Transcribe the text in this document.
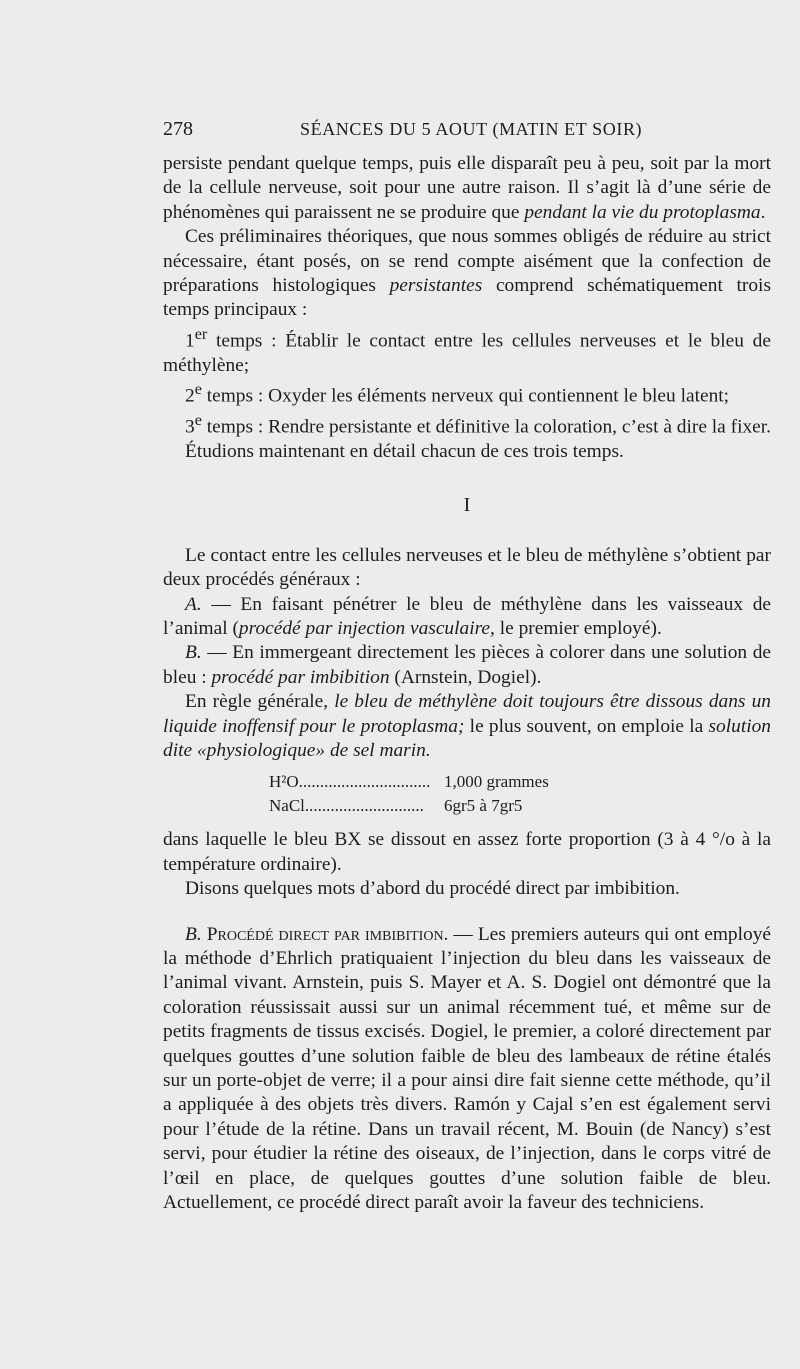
278	SÉANCES DU 5 AOUT (MATIN ET SOIR)

persiste pendant quelque temps, puis elle disparaît peu à peu, soit par la mort de la cellule nerveuse, soit pour une autre raison. Il s’agit là d’une série de phénomènes qui paraissent ne se produire que pendant la vie du protoplasma.

Ces préliminaires théoriques, que nous sommes obligés de réduire au strict nécessaire, étant posés, on se rend compte aisément que la confection de préparations histologiques persistantes comprend schématiquement trois temps principaux :

1er temps : Établir le contact entre les cellules nerveuses et le bleu de méthylène;

2e temps : Oxyder les éléments nerveux qui contiennent le bleu latent;

3e temps : Rendre persistante et définitive la coloration, c’est à dire la fixer.

Étudions maintenant en détail chacun de ces trois temps.

I

Le contact entre les cellules nerveuses et le bleu de méthylène s’obtient par deux procédés généraux :

A. — En faisant pénétrer le bleu de méthylène dans les vaisseaux de l’animal (procédé par injection vasculaire, le premier employé).

B. — En immergeant directement les pièces à colorer dans une solution de bleu : procédé par imbibition (Arnstein, Dogiel).

En règle générale, le bleu de méthylène doit toujours être dissous dans un liquide inoffensif pour le protoplasma; le plus souvent, on emploie la solution dite «physiologique» de sel marin.

H²O............................... 1,000 grammes
NaCl............................	6gr5 à 7gr5

dans laquelle le bleu BX se dissout en assez forte proportion (3 à 4 °/o à la température ordinaire).

Disons quelques mots d’abord du procédé direct par imbibition.

B. Procédé direct par imbibition. — Les premiers auteurs qui ont employé la méthode d’Ehrlich pratiquaient l’injection du bleu dans les vaisseaux de l’animal vivant. Arnstein, puis S. Mayer et A. S. Dogiel ont démontré que la coloration réussissait aussi sur un animal récemment tué, et même sur de petits fragments de tissus excisés. Dogiel, le premier, a coloré directement par quelques gouttes d’une solution faible de bleu des lambeaux de rétine étalés sur un porte-objet de verre; il a pour ainsi dire fait sienne cette méthode, qu’il a appliquée à des objets très divers. Ramón y Cajal s’en est également servi pour l’étude de la rétine. Dans un travail récent, M. Bouin (de Nancy) s’est servi, pour étudier la rétine des oiseaux, de l’injection, dans le corps vitré de l’œil en place, de quelques gouttes d’une solution faible de bleu. Actuellement, ce procédé direct paraît avoir la faveur des techniciens.
